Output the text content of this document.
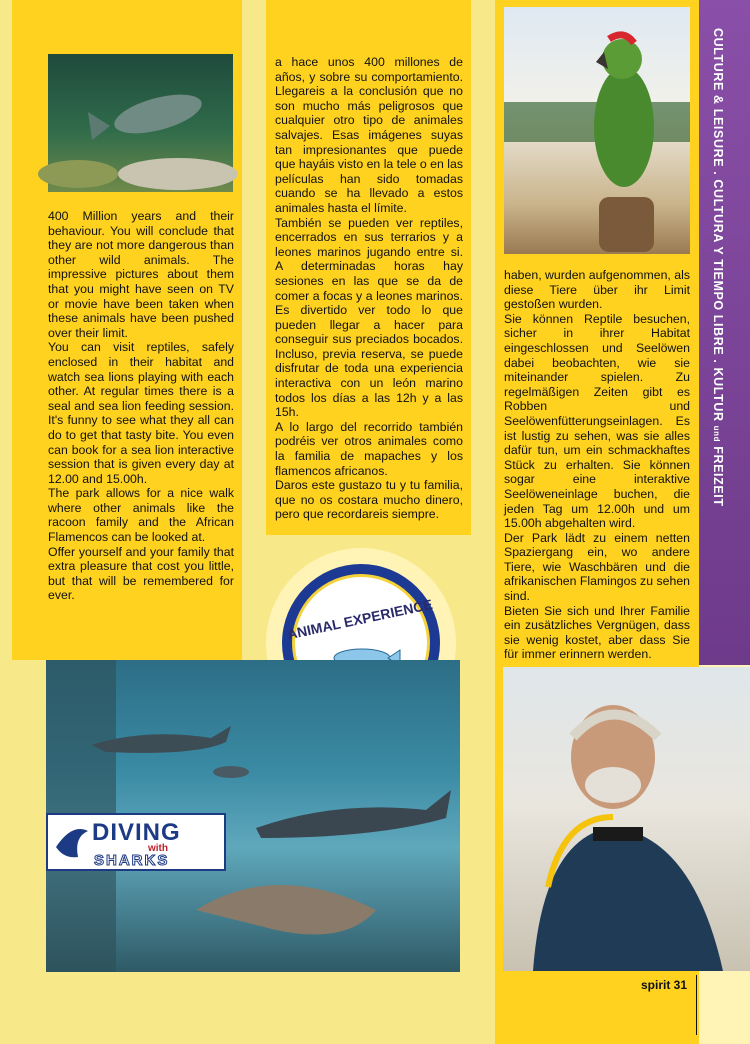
CULTURE & LEISURE . CULTURA Y TIEMPO LIBRE . KULTUR und FREIZEIT

400 Million years and their behaviour. You will conclude that they are not more dangerous than other wild animals. The impressive pictures about them that you might have seen on TV or movie have been taken when these animals have been pushed over their limit.
You can visit reptiles, safely enclosed in their habitat and watch sea lions playing with each other. At regular times there is a seal and sea lion feeding session. It's funny to see what they all can do to get that tasty bite. You even can book for a sea lion interactive session that is given every day at 12.00 and 15.00h.
The park allows for a nice walk where other animals like the racoon family and the African Flamencos can be looked at.
Offer yourself and your family that extra pleasure that cost you little, but that will be remembered for ever.

a hace unos 400 millones de años, y sobre su comportamiento. Llegareis a la conclusión que no son mucho más peligrosos que cualquier otro tipo de animales salvajes. Esas imágenes suyas tan impresionantes que puede que hayáis visto en la tele o en las películas han sido tomadas cuando se ha llevado a estos animales hasta el límite.
También se pueden ver reptiles, encerrados en sus terrarios y a leones marinos jugando entre si. A determinadas horas hay sesiones en las que se da de comer a focas y a leones marinos. Es divertido ver todo lo que pueden llegar a hacer para conseguir sus preciados bocados. Incluso, previa reserva, se puede disfrutar de toda una experiencia interactiva con un león marino todos los días a las 12h y a las 15h.
A lo largo del recorrido también podréis ver otros animales como la familia de mapaches y los flamencos africanos.
Daros este gustazo tu y tu familia, que no os costara mucho dinero, pero que recordareis siempre.

haben, wurden aufgenommen, als diese Tiere über ihr Limit gestoßen wurden.
Sie können Reptile besuchen, sicher in ihrer Habitat eingeschlossen und Seelöwen dabei beobachten, wie sie miteinander spielen. Zu regelmäßigen Zeiten gibt es Robben und Seelöwenfütterungseinlagen. Es ist lustig zu sehen, was sie alles dafür tun, um ein schmackhaftes Stück zu erhalten. Sie können sogar eine interaktive Seelöweneinlage buchen, die jeden Tag um 12.00h und um 15.00h abgehalten wird.
Der Park lädt zu einem netten Spaziergang ein, wo andere Tiere, wie Waschbären und die afrikanischen Flamingos zu sehen sind.
Bieten Sie sich und Ihrer Familie ein zusätzliches Vergnügen, dass sie wenig kostet, aber dass Sie für immer erinnern werden.

ANIMAL EXPERIENCE
DIVING
with
SHARKS
spirit 31
